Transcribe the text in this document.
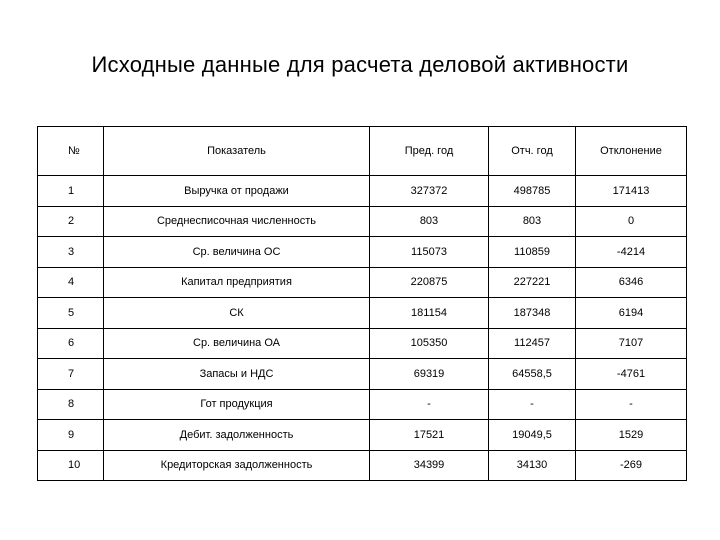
Исходные данные для расчета деловой активности
№	Показатель	Пред. год	Отч. год	Отклонение
1	Выручка от продажи	327372	498785	171413
2	Среднесписочная численность	803	803	0
3	Ср. величина ОС	115073	110859	-4214
4	Капитал предприятия	220875	227221	6346
5	СК	181154	187348	6194
6	Ср. величина ОА	105350	112457	7107
7	Запасы и НДС	69319	64558,5	-4761
8	Гот продукция	-	-	-
9	Дебит. задолженность	17521	19049,5	1529
10	Кредиторская задолженность	34399	34130	-269
